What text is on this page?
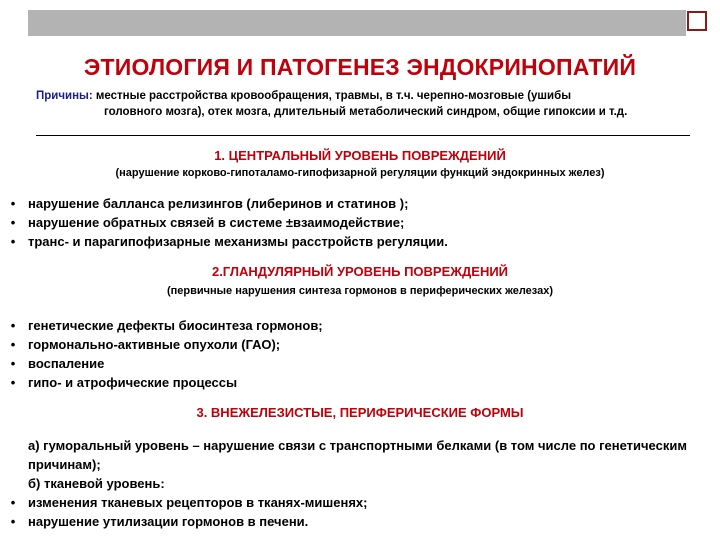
ЭТИОЛОГИЯ И ПАТОГЕНЕЗ ЭНДОКРИНОПАТИЙ
Причины: местные расстройства кровообращения, травмы, в т.ч. черепно-мозговые (ушибы
головного мозга), отек мозга, длительный метаболический синдром, общие гипоксии и т.д.
1. ЦЕНТРАЛЬНЫЙ УРОВЕНЬ ПОВРЕЖДЕНИЙ
(нарушение корково-гипоталамо-гипофизарной регуляции функций эндокринных желез)
• нарушение балланса релизингов (либеринов и статинов );
• нарушение обратных связей в системе ±взаимодействие;
• транс- и парагипофизарные механизмы расстройств регуляции.
2.ГЛАНДУЛЯРНЫЙ УРОВЕНЬ ПОВРЕЖДЕНИЙ
(первичные нарушения синтеза гормонов в периферических железах)
• генетические дефекты биосинтеза гормонов;
• гормонально-активные опухоли (ГАО);
• воспаление
• гипо- и атрофические процессы
3. ВНЕЖЕЛЕЗИСТЫЕ, ПЕРИФЕРИЧЕСКИЕ ФОРМЫ
а) гуморальный уровень – нарушение связи с транспортными белками (в том числе по генетическим причинам);
б) тканевой уровень:
• изменения тканевых рецепторов в тканях-мишенях;
• нарушение утилизации гормонов в печени.
